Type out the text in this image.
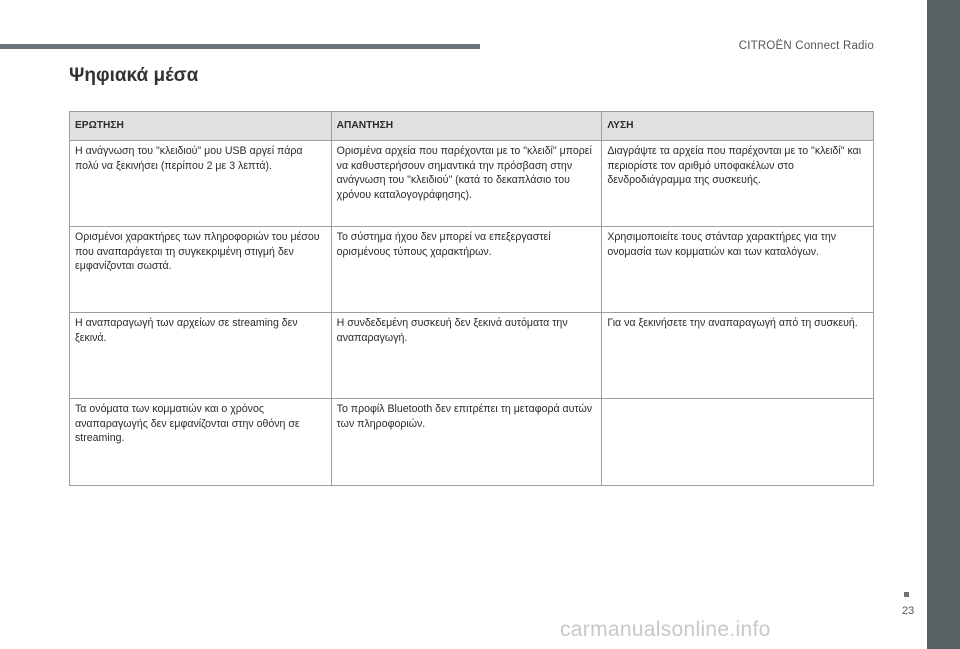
CITROËN Connect Radio
Ψηφιακά μέσα
ΕΡΩΤΗΣΗ	ΑΠΑΝΤΗΣΗ	ΛΥΣΗ
Η ανάγνωση του "κλειδιού" μου USB αργεί πάρα πολύ να ξεκινήσει (περίπου 2 με 3 λεπτά).	Ορισμένα αρχεία που παρέχονται με το "κλειδί" μπορεί να καθυστερήσουν σημαντικά την πρόσβαση στην ανάγνωση του "κλειδιού" (κατά το δεκαπλάσιο του χρόνου καταλογογράφησης).	Διαγράψτε τα αρχεία που παρέχονται με το "κλειδί" και περιορίστε τον αριθμό υποφακέλων στο δενδροδιάγραμμα της συσκευής.
Ορισμένοι χαρακτήρες των πληροφοριών του μέσου που αναπαράγεται τη συγκεκριμένη στιγμή δεν εμφανίζονται σωστά.	Το σύστημα ήχου δεν μπορεί να επεξεργαστεί ορισμένους τύπους χαρακτήρων.	Χρησιμοποιείτε τους στάνταρ χαρακτήρες για την ονομασία των κομματιών και των καταλόγων.
Η αναπαραγωγή των αρχείων σε streaming δεν ξεκινά.	Η συνδεδεμένη συσκευή δεν ξεκινά αυτόματα την αναπαραγωγή.	Για να ξεκινήσετε την αναπαραγωγή από τη συσκευή.
Τα ονόματα των κομματιών και ο χρόνος αναπαραγωγής δεν εμφανίζονται στην οθόνη σε streaming.	Το προφίλ Bluetooth δεν επιτρέπει τη μεταφορά αυτών των πληροφοριών.	
23
carmanualsonline.info
